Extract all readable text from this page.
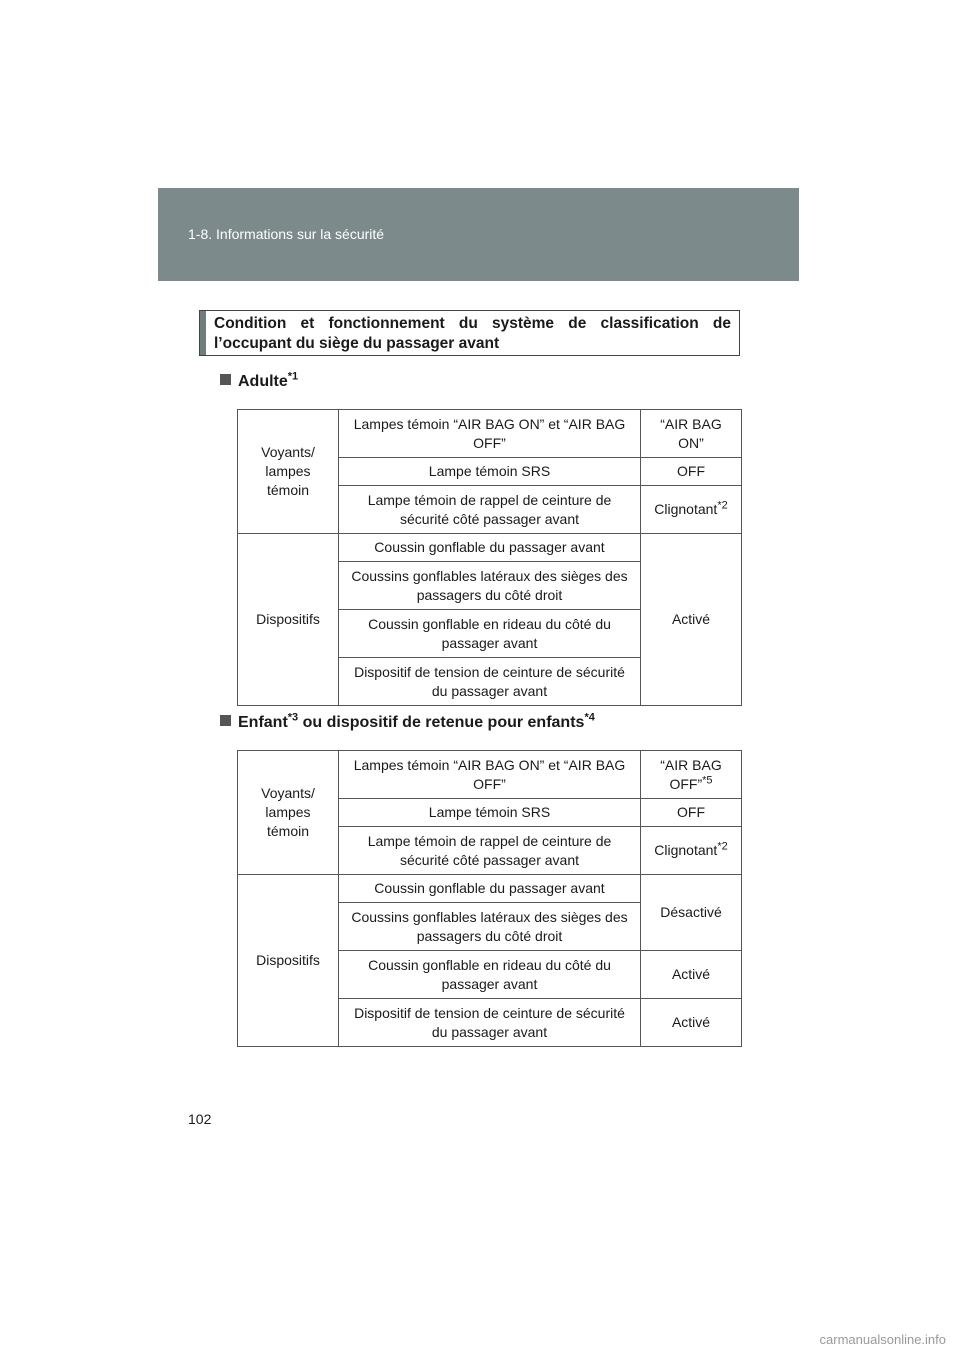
1-8. Informations sur la sécurité
Condition et fonctionnement du système de classification de l’occupant du siège du passager avant
Adulte$^{*1}$
Voyants/ lampes témoin	Lampes témoin “AIR BAG ON” et “AIR BAG OFF”	“AIR BAG ON”
	Lampe témoin SRS	OFF
	Lampe témoin de rappel de ceinture de sécurité côté passager avant	Clignotant$^{*2}$
Dispositifs	Coussin gonflable du passager avant	Activé
	Coussins gonflables latéraux des sièges des passagers du côté droit	
	Coussin gonflable en rideau du côté du passager avant	
	Dispositif de tension de ceinture de sécurité du passager avant	
Enfant$^{*3}$ ou dispositif de retenue pour enfants$^{*4}$
Voyants/ lampes témoin	Lampes témoin “AIR BAG ON” et “AIR BAG OFF”	“AIR BAG OFF”$^{*5}$
	Lampe témoin SRS	OFF
	Lampe témoin de rappel de ceinture de sécurité côté passager avant	Clignotant$^{*2}$
Dispositifs	Coussin gonflable du passager avant	Désactivé
	Coussins gonflables latéraux des sièges des passagers du côté droit	
	Coussin gonflable en rideau du côté du passager avant	Activé
	Dispositif de tension de ceinture de sécurité du passager avant	Activé
102
carmanualsonline.info
